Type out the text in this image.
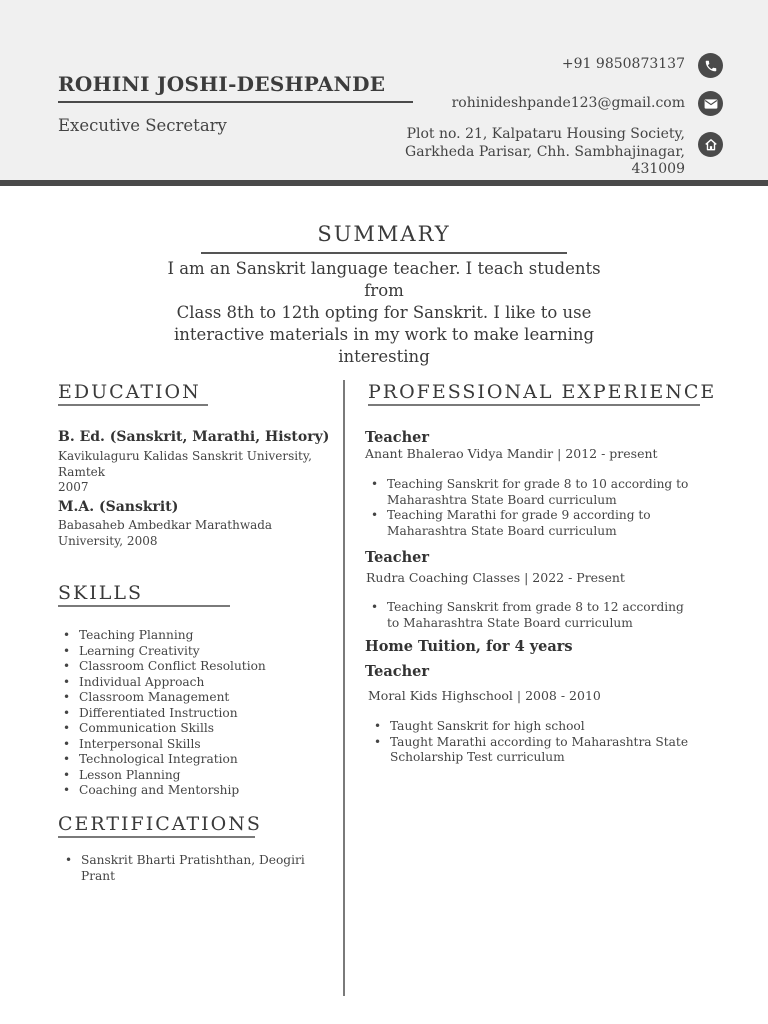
ROHINI JOSHI-DESHPANDE
Executive Secretary
+91 9850873137
rohinideshpande123@gmail.com
Plot no. 21, Kalpataru Housing Society,
Garkheda Parisar, Chh. Sambhajinagar,
431009
SUMMARY
I am an Sanskrit language teacher. I teach students from
Class 8th to 12th opting for Sanskrit. I like to use
interactive materials in my work to make learning
interesting
EDUCATION
B. Ed. (Sanskrit, Marathi, History)
Kavikulaguru Kalidas Sanskrit University, Ramtek
2007
M.A. (Sanskrit)
Babasaheb Ambedkar Marathwada
University, 2008
SKILLS
• Teaching Planning
• Learning Creativity
• Classroom Conflict Resolution
• Individual Approach
• Classroom Management
• Differentiated Instruction
• Communication Skills
• Interpersonal Skills
• Technological Integration
• Lesson Planning
• Coaching and Mentorship
CERTIFICATIONS
• Sanskrit Bharti Pratishthan, Deogiri Prant
PROFESSIONAL EXPERIENCE
Teacher
Anant Bhalerao Vidya Mandir | 2012 - present
• Teaching Sanskrit for grade 8 to 10 according to Maharashtra State Board curriculum
• Teaching Marathi for grade 9 according to Maharashtra State Board curriculum
Teacher
Rudra Coaching Classes | 2022 - Present
• Teaching Sanskrit from grade 8 to 12 according to Maharashtra State Board curriculum
Home Tuition, for 4 years
Teacher
Moral Kids Highschool | 2008 - 2010
• Taught Sanskrit for high school
• Taught Marathi according to Maharashtra State Scholarship Test curriculum
